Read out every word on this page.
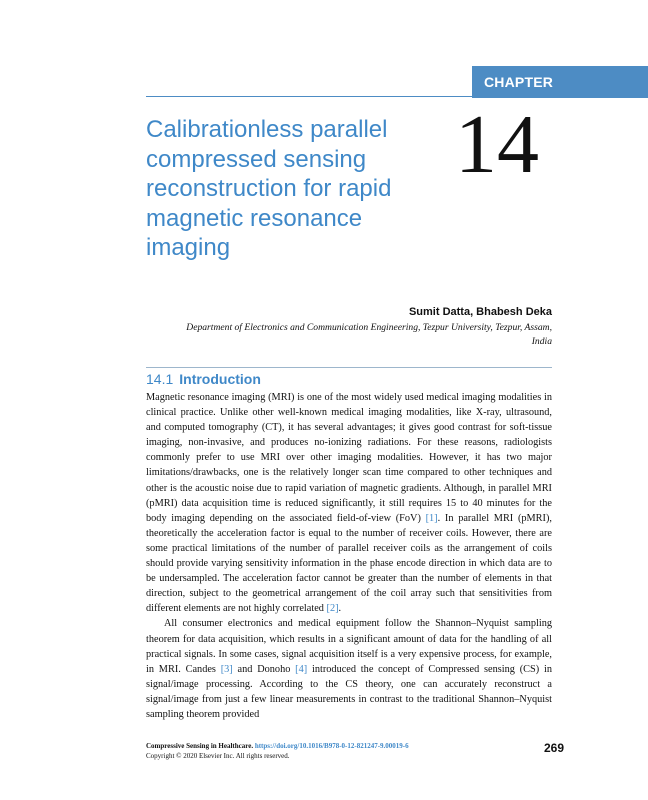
CHAPTER
Calibrationless parallel compressed sensing reconstruction for rapid magnetic resonance imaging
14

Sumit Datta, Bhabesh Deka

Department of Electronics and Communication Engineering, Tezpur University, Tezpur, Assam, India

14.1 Introduction

Magnetic resonance imaging (MRI) is one of the most widely used medical imaging modalities in clinical practice. Unlike other well-known medical imaging modalities, like X-ray, ultrasound, and computed tomography (CT), it has several advantages; it gives good contrast for soft-tissue imaging, non-invasive, and produces no-ionizing radiations. For these reasons, radiologists commonly prefer to use MRI over other imaging modalities. However, it has two major limitations/drawbacks, one is the relatively longer scan time compared to other techniques and other is the acoustic noise due to rapid variation of magnetic gradients. Although, in parallel MRI (pMRI) data acquisition time is reduced significantly, it still requires 15 to 40 minutes for the body imaging depending on the associated field-of-view (FoV) [1]. In parallel MRI (pMRI), theoretically the acceleration factor is equal to the number of receiver coils. However, there are some practical limitations of the number of parallel receiver coils as the arrangement of coils should provide varying sensitivity information in the phase encode direction in which data are to be undersampled. The acceleration factor cannot be greater than the number of elements in that direction, subject to the geometrical arrangement of the coil array such that sensitivities from different elements are not highly correlated [2].

All consumer electronics and medical equipment follow the Shannon–Nyquist sampling theorem for data acquisition, which results in a significant amount of data for the handling of all practical signals. In some cases, signal acquisition itself is a very expensive process, for example, in MRI. Candes [3] and Donoho [4] introduced the concept of Compressed sensing (CS) in signal/image processing. According to the CS theory, one can accurately reconstruct a signal/image from just a few linear measurements in contrast to the traditional Shannon–Nyquist sampling theorem provided

Compressive Sensing in Healthcare. https://doi.org/10.1016/B978-0-12-821247-9.00019-6
Copyright © 2020 Elsevier Inc. All rights reserved.

269
